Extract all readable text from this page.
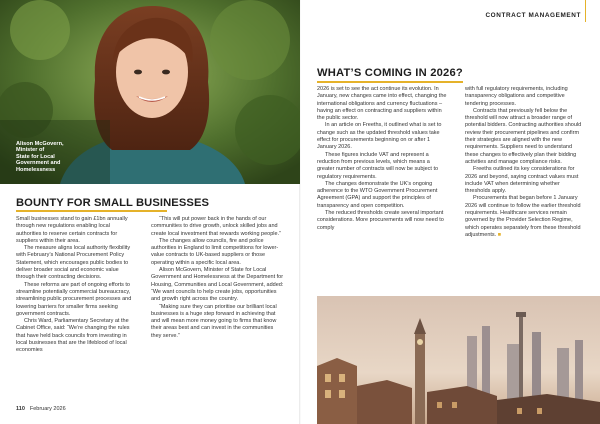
Alison McGovern,
Minister of
State for Local
Government and
Homelessness
BOUNTY FOR SMALL BUSINESSES

Small businesses stand to gain £1bn annually through new regulations enabling local authorities to reserve certain contracts for suppliers within their area.

The measure aligns local authority flexibility with February’s National Procurement Policy Statement, which encourages public bodies to deliver broader social and economic value through their contracting decisions.

These reforms are part of ongoing efforts to streamline potentially commercial bureaucracy, streamlining public procurement processes and lowering barriers for smaller firms seeking government contracts.

Chris Ward, Parliamentary Secretary at the Cabinet Office, said: “We’re changing the rules that have held back councils from investing in local businesses that are the lifeblood of local economies

“This will put power back in the hands of our communities to drive growth, unlock skilled jobs and create local investment that rewards working people.”

The changes allow councils, fire and police authorities in England to limit competitions for lower-value contracts to UK-based suppliers or those operating within a specific local area.

Alison McGovern, Minister of State for Local Government and Homelessness at the Department for Housing, Communities and Local Government, added: “We want councils to help create jobs, opportunities and growth right across the country.

“Making sure they can prioritise our brilliant local businesses is a huge step forward in achieving that and will mean more money going to firms that know their areas best and can invest in the communities they serve.”

110 February 2026
CONTRACT MANAGEMENT
WHAT’S COMING IN 2026?

2026 is set to see the act continue its evolution. In January, new changes came into effect, changing the international obligations and currency fluctuations – having an effect on contracting and suppliers within the public sector.

In an article on Freeths, it outlined what is set to change such as the updated threshold values take effect for procurements beginning on or after 1 January 2026.

These figures include VAT and represent a reduction from previous levels, which means a greater number of contracts will now be subject to regulatory requirements.

The changes demonstrate the UK’s ongoing adherence to the WTO Government Procurement Agreement (GPA) and support the principles of transparency and open competition.

The reduced thresholds create several important considerations. More procurements will now need to comply

with full regulatory requirements, including transparency obligations and competitive tendering processes.

Contracts that previously fell below the threshold will now attract a broader range of potential bidders. Contracting authorities should review their procurement pipelines and confirm their strategies are aligned with the new requirements. Suppliers need to understand these changes to effectively plan their bidding activities and manage compliance risks.

Freeths outlined its key considerations for 2026 and beyond, saying contract values must include VAT when determining whether thresholds apply.

Procurements that began before 1 January 2026 will continue to follow the earlier threshold requirements. Healthcare services remain governed by the Provider Selection Regime, which operates separately from these threshold adjustments. ■
